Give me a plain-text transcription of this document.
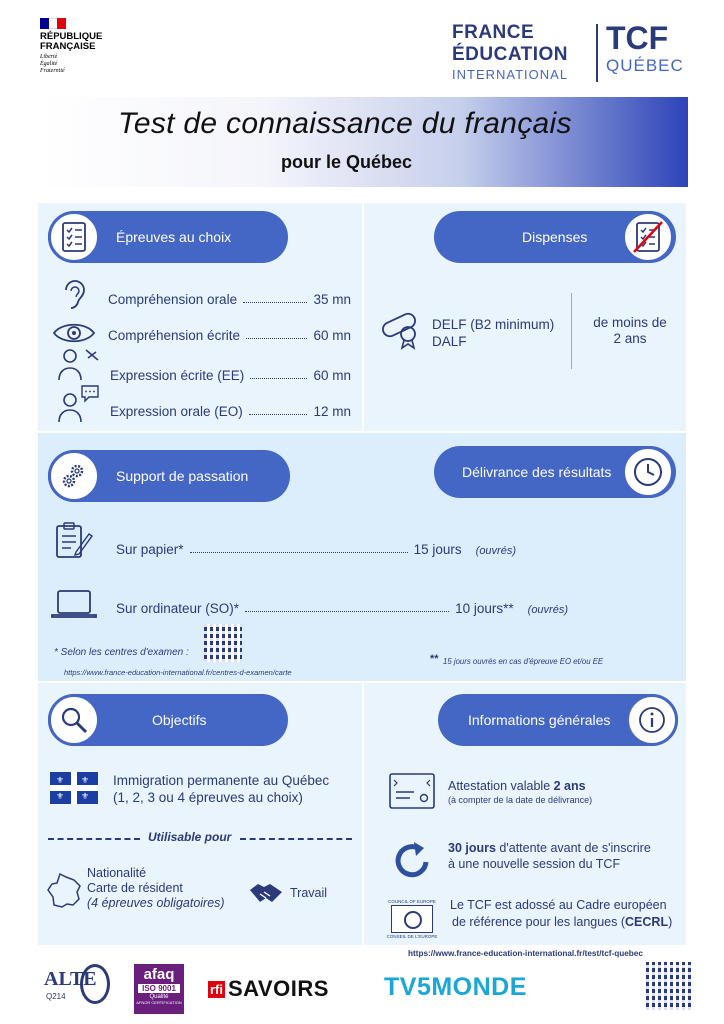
RÉPUBLIQUE
FRANÇAISE
Liberté
Égalité
Fraternité
FRANCE
ÉDUCATION
INTERNATIONAL
TCF
QUÉBEC
Test de connaissance du français
pour le Québec
Épreuves au choix
Compréhension orale	35 mn
Compréhension écrite	60 mn
Expression écrite (EE)	60 mn
Expression orale (EO)	12 mn
Dispenses
DELF (B2 minimum)
DALF
de moins de
2 ans
Support de passation	Délivrance des résultats
Sur papier*	15 jours (ouvrés)
Sur ordinateur (SO)*	10 jours** (ouvrés)
* Selon les centres d'examen :
https://www.france-education-international.fr/centres-d-examen/carte
** 15 jours ouvrés en cas d'épreuve EO et/ou EE
Objectifs
⚜ ⚜
⚜ ⚜
Immigration permanente au Québec
(1, 2, 3 ou 4 épreuves au choix)
Utilisable pour
Nationalité
Carte de résident
(4 épreuves obligatoires)
Travail
Informations générales
Attestation valable 2 ans
(à compter de la date de délivrance)
30 jours d'attente avant de s'inscrire
à une nouvelle session du TCF
COUNCIL OF EUROPE
CONSEIL DE L'EUROPE
Le TCF est adossé au Cadre européen
de référence pour les langues (CECRL)
https://www.france-education-international.fr/test/tcf-quebec
ALTE
Q214
afaq
ISO 9001
Qualité
AFNOR CERTIFICATION
rfi SAVOIRS TV5MONDE
